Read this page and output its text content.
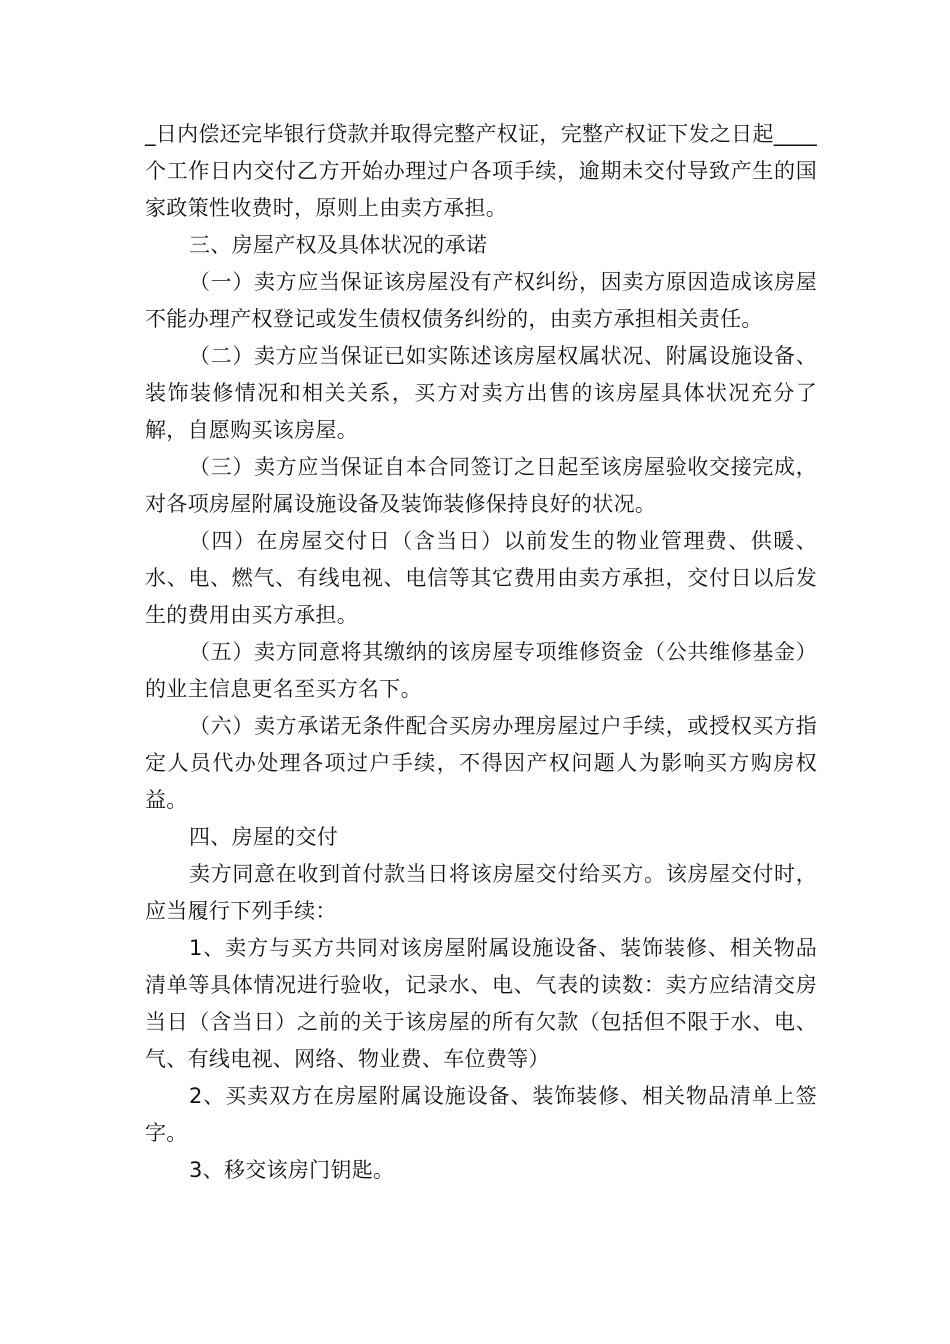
_日内偿还完毕银行贷款并取得完整产权证，完整产权证下发之日起____个工作日内交付乙方开始办理过户各项手续，逾期未交付导致产生的国家政策性收费时，原则上由卖方承担。

三、房屋产权及具体状况的承诺

（一）卖方应当保证该房屋没有产权纠纷，因卖方原因造成该房屋不能办理产权登记或发生债权债务纠纷的，由卖方承担相关责任。

（二）卖方应当保证已如实陈述该房屋权属状况、附属设施设备、装饰装修情况和相关关系，买方对卖方出售的该房屋具体状况充分了解，自愿购买该房屋。

（三）卖方应当保证自本合同签订之日起至该房屋验收交接完成，对各项房屋附属设施设备及装饰装修保持良好的状况。

（四）在房屋交付日（含当日）以前发生的物业管理费、供暖、水、电、燃气、有线电视、电信等其它费用由卖方承担，交付日以后发生的费用由买方承担。

（五）卖方同意将其缴纳的该房屋专项维修资金（公共维修基金）的业主信息更名至买方名下。

（六）卖方承诺无条件配合买房办理房屋过户手续，或授权买方指定人员代办处理各项过户手续，不得因产权问题人为影响买方购房权益。

四、房屋的交付

卖方同意在收到首付款当日将该房屋交付给买方。该房屋交付时，应当履行下列手续：

1、卖方与买方共同对该房屋附属设施设备、装饰装修、相关物品清单等具体情况进行验收，记录水、电、气表的读数：卖方应结清交房当日（含当日）之前的关于该房屋的所有欠款（包括但不限于水、电、气、有线电视、网络、物业费、车位费等）

2、买卖双方在房屋附属设施设备、装饰装修、相关物品清单上签字。

3、移交该房门钥匙。
